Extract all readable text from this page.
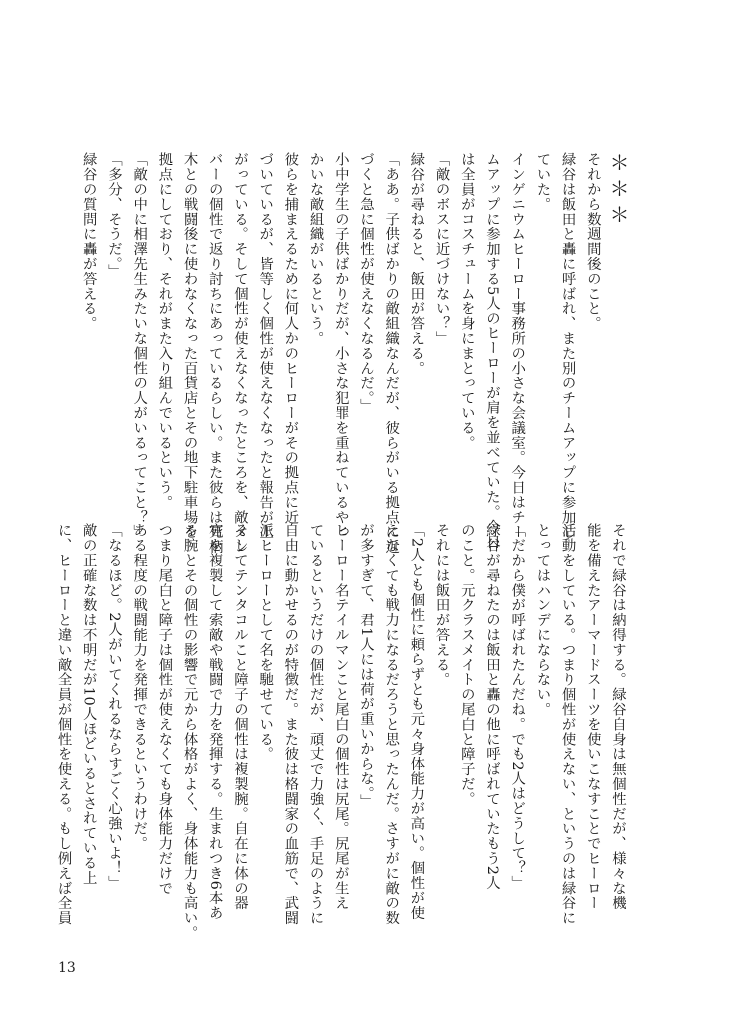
＊＊＊

それから数週間後のこと。

緑谷は飯田と轟に呼ばれ、また別のチームアップに参加し

ていた。

インゲニウムヒーロー事務所の小さな会議室。今日はチー

ムアップに参加する5人のヒーローが肩を並べていた。今日

は全員がコスチュームを身にまとっている。

「敵のボスに近づけない？」

緑谷が尋ねると、飯田が答える。

「ああ。子供ばかりの敵組織なんだが、彼らがいる拠点に近

づくと急に個性が使えなくなるんだ。」

小中学生の子供ばかりだが、小さな犯罪を重ねているやっ

かいな敵組織がいるという。

彼らを捕まえるために何人かのヒーローがその拠点に近

づいているが、皆等しく個性が使えなくなったと報告が上

がっている。そして個性が使えなくなったところを、敵メン

バーの個性で返り討ちにあっているらしい。また彼らは死柄

木との戦闘後に使わなくなった百貨店とその地下駐車場を

拠点にしており、それがまた入り組んでいるという。

「敵の中に相澤先生みたいな個性の人がいるってこと？」

「多分、そうだ。」

緑谷の質問に轟が答える。

それで緑谷は納得する。緑谷自身は無個性だが、様々な機

能を備えたアーマードスーツを使いこなすことでヒーロー

活動をしている。つまり個性が使えない、というのは緑谷に

とってはハンデにならない。

「だから僕が呼ばれたんだね。でも2人はどうして？」

緑谷が尋ねたのは飯田と轟の他に呼ばれていたもう2人

のこと。元クラスメイトの尾白と障子だ。

それには飯田が答える。

「2人とも個性に頼らずとも元々身体能力が高い。個性が使

えなくても戦力になるだろうと思ったんだ。さすがに敵の数

が多すぎて、君1人には荷が重いからな。」

ヒーロー名テイルマンこと尾白の個性は尻尾。尻尾が生え

ているというだけの個性だが、頑丈で力強く、手足のように

自由に動かせるのが特徴だ。また彼は格闘家の血筋で、武闘

派ヒーローとして名を馳せている。

そしてテンタコルこと障子の個性は複製腕。自在に体の器

官を複製して索敵や戦闘で力を発揮する。生まれつき6本あ

る腕とその個性の影響で元から体格がよく、身体能力も高い。

つまり尾白と障子は個性が使えなくても身体能力だけで

ある程度の戦闘能力を発揮できるというわけだ。

「なるほど。2人がいてくれるならすごく心強いよ！」

敵の正確な数は不明だが10人ほどいるとされている上

に、ヒーローと違い敵全員が個性を使える。もし例えば全員

13
